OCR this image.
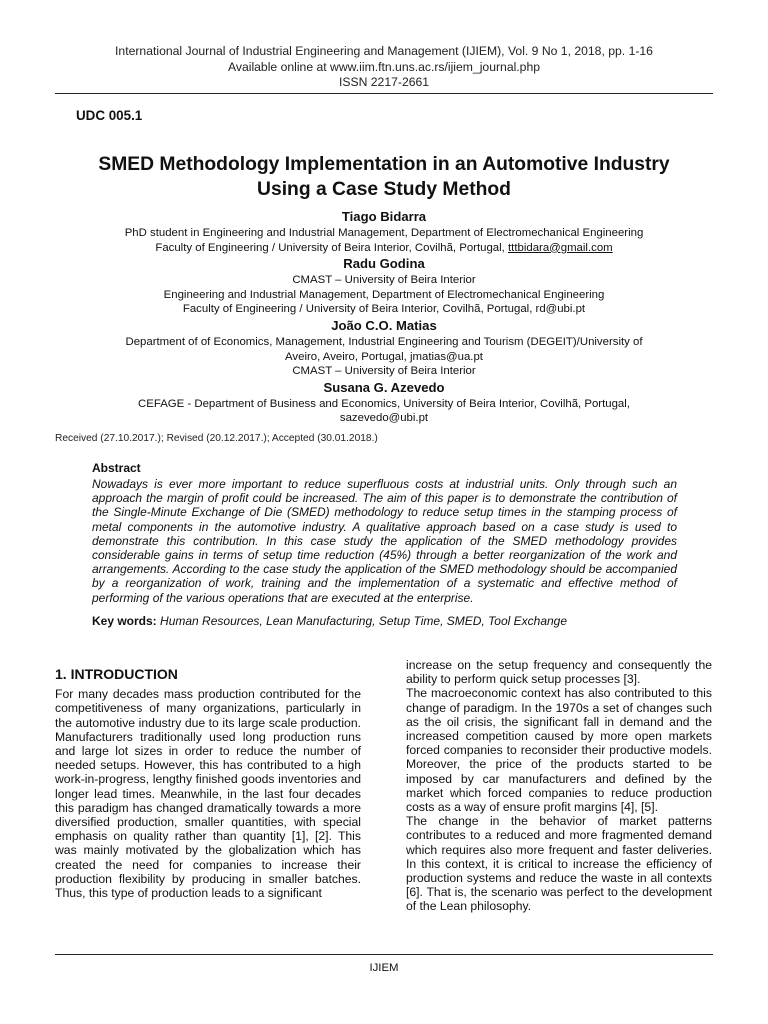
International Journal of Industrial Engineering and Management (IJIEM), Vol. 9 No 1, 2018, pp. 1-16
Available online at www.iim.ftn.uns.ac.rs/ijiem_journal.php
ISSN 2217-2661
UDC 005.1
SMED Methodology Implementation in an Automotive Industry
Using a Case Study Method
Tiago Bidarra
PhD student in Engineering and Industrial Management, Department of Electromechanical Engineering
Faculty of Engineering / University of Beira Interior, Covilhã, Portugal, tttbidara@gmail.com
Radu Godina
CMAST – University of Beira Interior
Engineering and Industrial Management, Department of Electromechanical Engineering
Faculty of Engineering / University of Beira Interior, Covilhã, Portugal, rd@ubi.pt
João C.O. Matias
Department of of Economics, Management, Industrial Engineering and Tourism (DEGEIT)/University of
Aveiro, Aveiro, Portugal, jmatias@ua.pt
CMAST – University of Beira Interior
Susana G. Azevedo
CEFAGE - Department of Business and Economics, University of Beira Interior, Covilhã, Portugal,
sazevedo@ubi.pt
Received (27.10.2017.); Revised (20.12.2017.); Accepted (30.01.2018.)
Abstract

Nowadays is ever more important to reduce superfluous costs at industrial units. Only through such an approach the margin of profit could be increased. The aim of this paper is to demonstrate the contribution of the Single-Minute Exchange of Die (SMED) methodology to reduce setup times in the stamping process of metal components in the automotive industry. A qualitative approach based on a case study is used to demonstrate this contribution. In this case study the application of the SMED methodology provides considerable gains in terms of setup time reduction (45%) through a better reorganization of the work and arrangements. According to the case study the application of the SMED methodology should be accompanied by a reorganization of work, training and the implementation of a systematic and effective method of performing of the various operations that are executed at the enterprise.

Key words: Human Resources, Lean Manufacturing, Setup Time, SMED, Tool Exchange
1. INTRODUCTION

For many decades mass production contributed for the competitiveness of many organizations, particularly in the automotive industry due to its large scale production. Manufacturers traditionally used long production runs and large lot sizes in order to reduce the number of needed setups. However, this has contributed to a high work-in-progress, lengthy finished goods inventories and longer lead times. Meanwhile, in the last four decades this paradigm has changed dramatically towards a more diversified production, smaller quantities, with special emphasis on quality rather than quantity [1], [2]. This was mainly motivated by the globalization which has created the need for companies to increase their production flexibility by producing in smaller batches. Thus, this type of production leads to a significant

increase on the setup frequency and consequently the ability to perform quick setup processes [3].

The macroeconomic context has also contributed to this change of paradigm. In the 1970s a set of changes such as the oil crisis, the significant fall in demand and the increased competition caused by more open markets forced companies to reconsider their productive models. Moreover, the price of the products started to be imposed by car manufacturers and defined by the market which forced companies to reduce production costs as a way of ensure profit margins [4], [5].

The change in the behavior of market patterns contributes to a reduced and more fragmented demand which requires also more frequent and faster deliveries. In this context, it is critical to increase the efficiency of production systems and reduce the waste in all contexts [6]. That is, the scenario was perfect to the development of the Lean philosophy.

IJIEM
